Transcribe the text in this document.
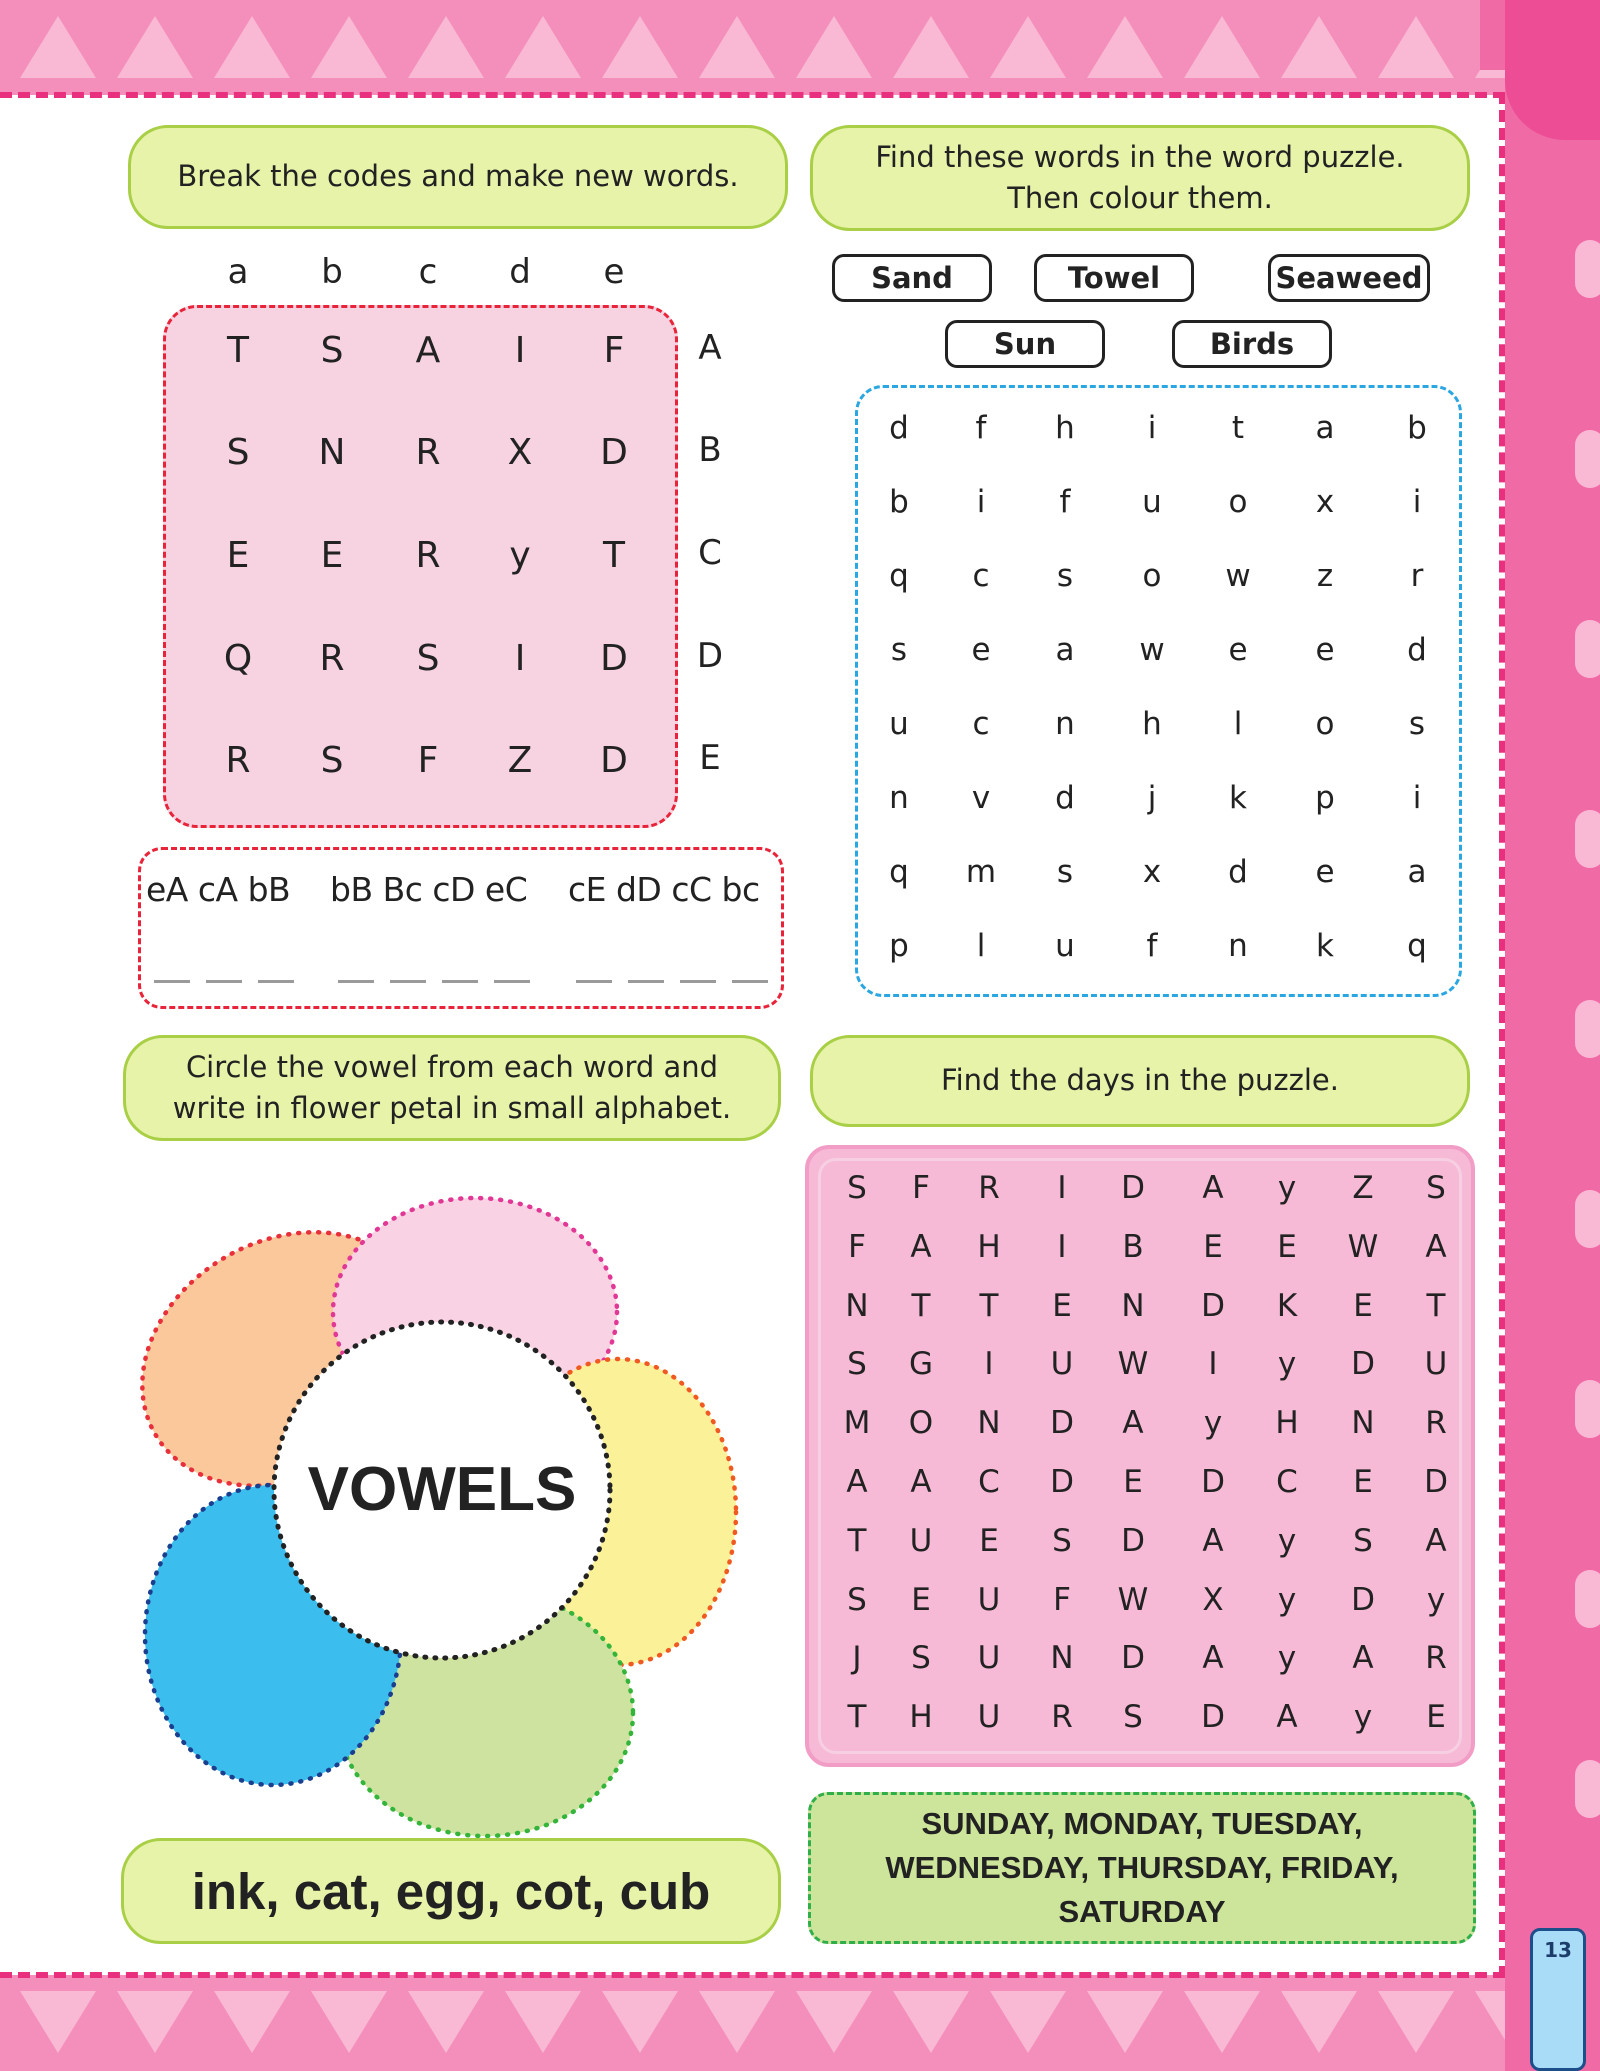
13
Break the codes and make new words.
a	b	c	d	e
A
B
C
D
E
T	S	A	I	F
S	N	R	X	D
E	E	R	y	T
Q	R	S	I	D
R	S	F	Z	D
eA cA bB bB Bc cD eC cE dD cC bc
Find these words in the word puzzle. Then colour them.
Sand	Towel	Seaweed
Sun	Birds
d	f	h	i	t	a	b
b	i	f	u	o	x	i
q	c	s	o	w	z	r
s	e	a	w	e	e	d
u	c	n	h	l	o	s
n	v	d	j	k	p	i
q	m	s	x	d	e	a
p	l	u	f	n	k	q
Circle the vowel from each word and write in flower petal in small alphabet.
VOWELS
ink, cat, egg, cot, cub
Find the days in the puzzle.
S	F	R	I	D	A	y	Z	S
F	A	H	I	B	E	E	W	A
N	T	T	E	N D	K	E	T
S	G	I	U W	I	y	D U
M O N D	A	y	H N R
A	A	C D	E	D C	E	D
T	U	E	S	D	A	y	S	A
S	E	U	F	W	X	y	D	y
J	S	U N D	A	y	A	R
T	H U R	S	D	A	y	E
SUNDAY, MONDAY, TUESDAY,
WEDNESDAY, THURSDAY, FRIDAY,
SATURDAY
